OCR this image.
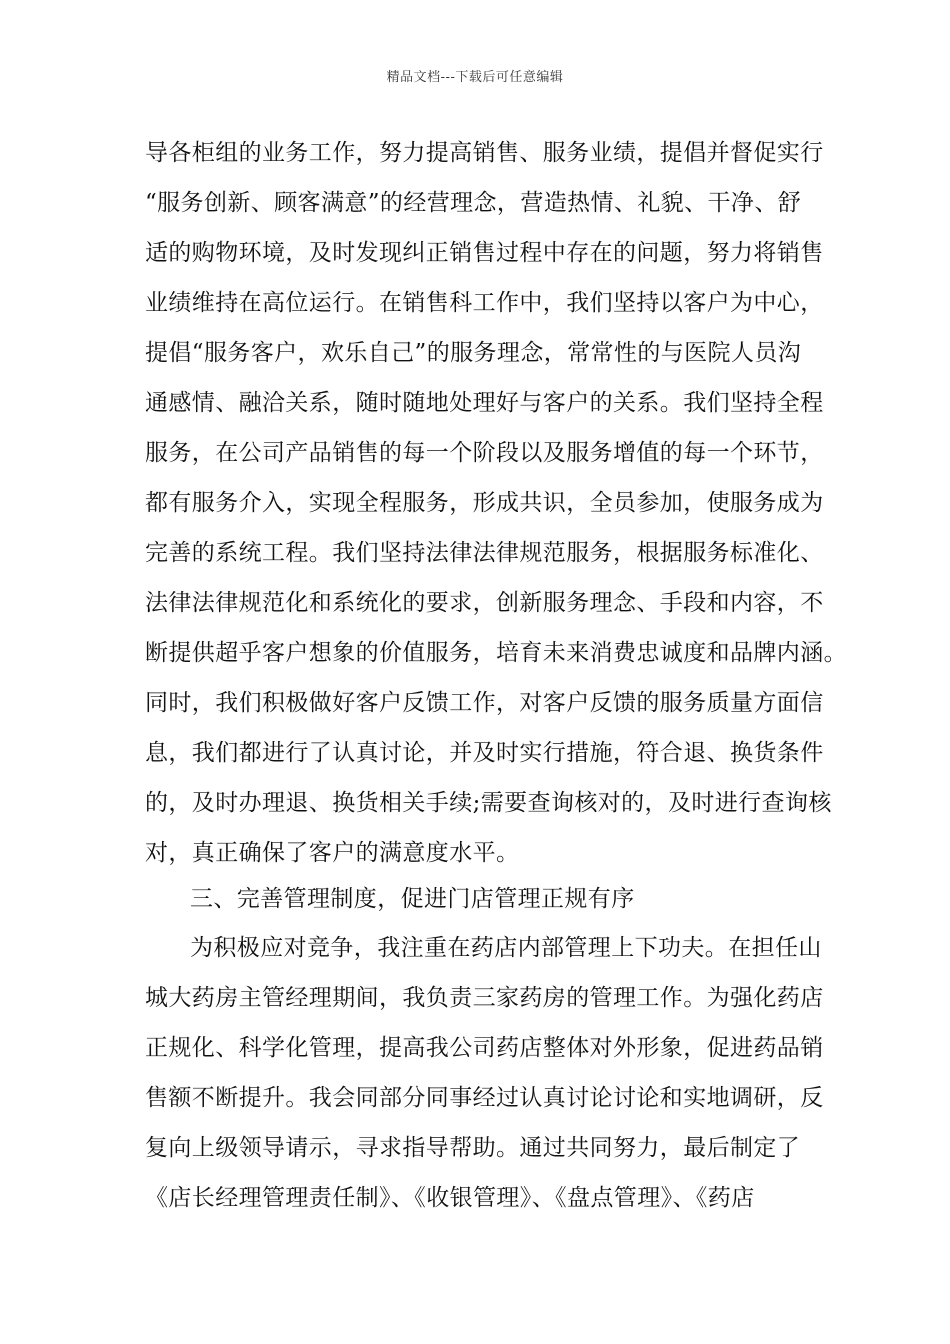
精品文档---下载后可任意编辑
导各柜组的业务工作，努力提高销售、服务业绩，提倡并督促实行
“服务创新、顾客满意”的经营理念，营造热情、礼貌、干净、舒
适的购物环境，及时发现纠正销售过程中存在的问题，努力将销售
业绩维持在高位运行。在销售科工作中，我们坚持以客户为中心，
提倡“服务客户，欢乐自己”的服务理念，常常性的与医院人员沟
通感情、融洽关系，随时随地处理好与客户的关系。我们坚持全程
服务，在公司产品销售的每一个阶段以及服务增值的每一个环节，
都有服务介入，实现全程服务，形成共识，全员参加，使服务成为
完善的系统工程。我们坚持法律法律规范服务，根据服务标准化、
法律法律规范化和系统化的要求，创新服务理念、手段和内容，不
断提供超乎客户想象的价值服务，培育未来消费忠诚度和品牌内涵。
同时，我们积极做好客户反馈工作，对客户反馈的服务质量方面信
息，我们都进行了认真讨论，并及时实行措施，符合退、换货条件
的，及时办理退、换货相关手续;需要查询核对的，及时进行查询核
对，真正确保了客户的满意度水平。
三、完善管理制度，促进门店管理正规有序
为积极应对竞争，我注重在药店内部管理上下功夫。在担任山
城大药房主管经理期间，我负责三家药房的管理工作。为强化药店
正规化、科学化管理，提高我公司药店整体对外形象，促进药品销
售额不断提升。我会同部分同事经过认真讨论讨论和实地调研，反
复向上级领导请示，寻求指导帮助。通过共同努力，最后制定了
《店长经理管理责任制》、《收银管理》、《盘点管理》、《药店
